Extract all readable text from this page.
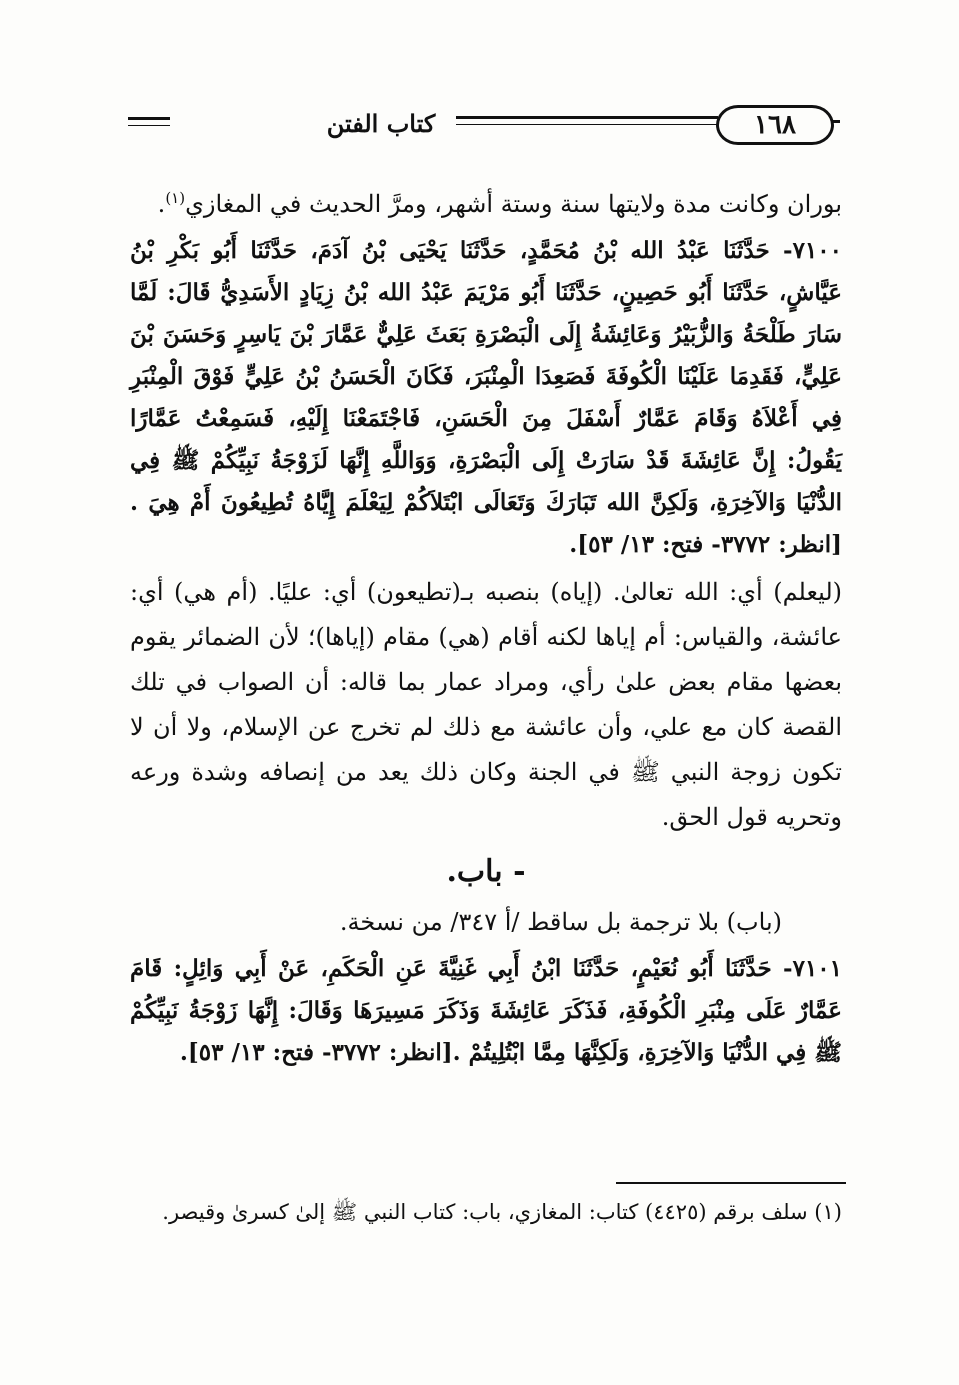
١٦٨
كتاب الفتن

بوران وكانت مدة ولايتها سنة وستة أشهر، ومرَّ الحديث في المغازي$^{(١)}$.

٧١٠٠- حَدَّثَنَا عَبْدُ الله بْنُ مُحَمَّدٍ، حَدَّثَنَا يَحْيَى بْنُ آدَمَ، حَدَّثَنَا أَبُو بَكْرِ بْنُ عَيَّاشٍ، حَدَّثَنَا أَبُو حَصِينٍ، حَدَّثَنَا أَبُو مَرْيَمَ عَبْدُ الله بْنُ زِيَادٍ الأَسَدِيُّ قَالَ: لَمَّا سَارَ طَلْحَةُ وَالزُّبَيْرُ وَعَائِشَةُ إِلَى الْبَصْرَةِ بَعَثَ عَلِيٌّ عَمَّارَ بْنَ يَاسِرٍ وَحَسَنَ بْنَ عَلِيٍّ، فَقَدِمَا عَلَيْنَا الْكُوفَةَ فَصَعِدَا الْمِنْبَرَ، فَكَانَ الْحَسَنُ بْنُ عَلِيٍّ فَوْقَ الْمِنْبَرِ فِي أَعْلاَهُ وَقَامَ عَمَّارٌ أَسْفَلَ مِنَ الْحَسَنِ، فَاجْتَمَعْنَا إِلَيْهِ، فَسَمِعْتُ عَمَّارًا يَقُولُ: إِنَّ عَائِشَةَ قَدْ سَارَتْ إِلَى الْبَصْرَةِ، وَوَاللَّهِ إِنَّهَا لَزَوْجَةُ نَبِيِّكُمْ ﷺ فِي الدُّنْيَا وَالآخِرَةِ، وَلَكِنَّ الله تَبَارَكَ وَتَعَالَى ابْتَلاَكُمْ لِيَعْلَمَ إِيَّاهُ تُطِيعُونَ أَمْ هِيَ .[انظر: ٣٧٧٢- فتح: ١٣/ ٥٣].

(ليعلم) أي: الله تعالىٰ. (إياه) بنصبه بـ(تطيعون) أي: عليًا. (أم هي) أي: عائشة، والقياس: أم إياها لكنه أقام (هي) مقام (إياها)؛ لأن الضمائر يقوم بعضها مقام بعض علىٰ رأي، ومراد عمار بما قاله: أن الصواب في تلك القصة كان مع علي، وأن عائشة مع ذلك لم تخرج عن الإسلام، ولا أن لا تكون زوجة النبي ﷺ في الجنة وكان ذلك يعد من إنصافه وشدة ورعه وتحريه قول الحق.

- باب.

(باب) بلا ترجمة بل ساقط /أ ٣٤٧/ من نسخة.

٧١٠١- حَدَّثَنَا أَبُو نُعَيْمٍ، حَدَّثَنَا ابْنُ أَبِي غَنِيَّةَ عَنِ الْحَكَمِ، عَنْ أَبِي وَائِلٍ: قَامَ عَمَّارٌ عَلَى مِنْبَرِ الْكُوفَةِ، فَذَكَرَ عَائِشَةَ وَذَكَرَ مَسِيرَهَا وَقَالَ: إِنَّهَا زَوْجَةُ نَبِيِّكُمْ ﷺ فِي الدُّنْيَا وَالآخِرَةِ، وَلَكِنَّهَا مِمَّا ابْتُلِيتُمْ .[انظر: ٣٧٧٢- فتح: ١٣/ ٥٣].

(١) سلف برقم (٤٤٢٥) كتاب: المغازي، باب: كتاب النبي ﷺ إلىٰ كسرىٰ وقيصر.
